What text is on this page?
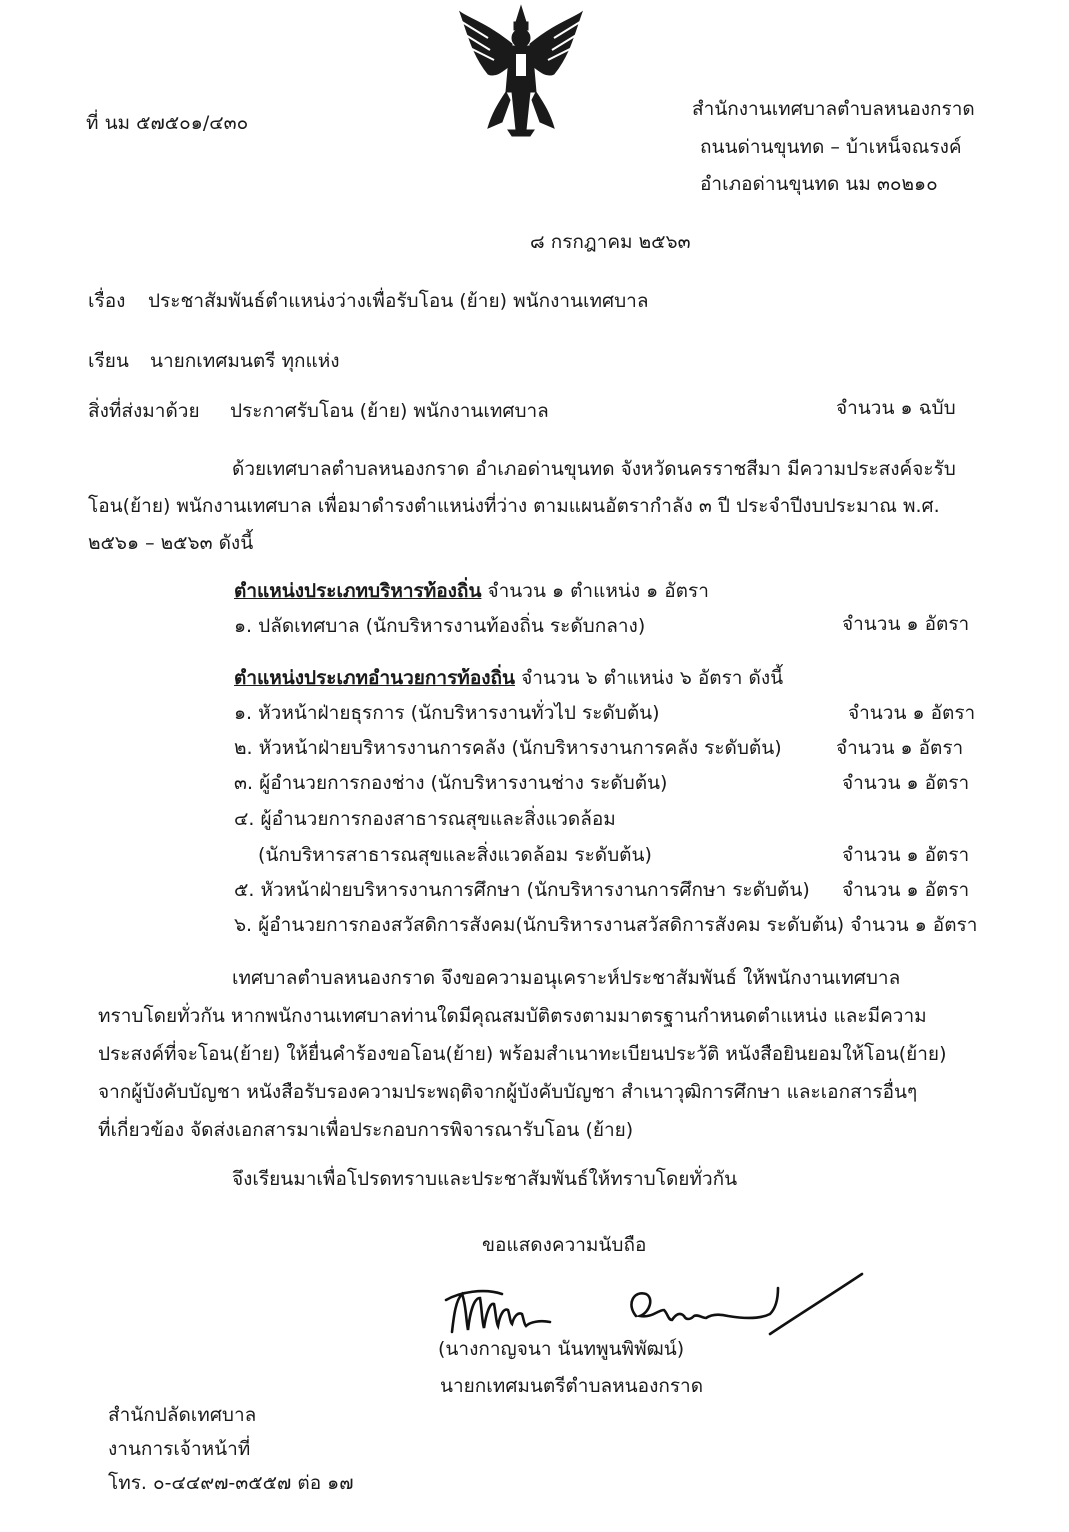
ที่ นม ๕๗๕๐๑/๔๓๐
สำนักงานเทศบาลตำบลหนองกราด
ถนนด่านขุนทด – บ้าเหน็จณรงค์
อำเภอด่านขุนทด นม ๓๐๒๑๐
๘ กรกฎาคม ๒๕๖๓
เรื่อง ประชาสัมพันธ์ตำแหน่งว่างเพื่อรับโอน (ย้าย) พนักงานเทศบาล
เรียน นายกเทศมนตรี ทุกแห่ง
สิ่งที่ส่งมาด้วย ประกาศรับโอน (ย้าย) พนักงานเทศบาล	จำนวน ๑ ฉบับ
ด้วยเทศบาลตำบลหนองกราด อำเภอด่านขุนทด จังหวัดนครราชสีมา มีความประสงค์จะรับ
โอน(ย้าย) พนักงานเทศบาล เพื่อมาดำรงตำแหน่งที่ว่าง ตามแผนอัตรากำลัง ๓ ปี ประจำปีงบประมาณ พ.ศ.
๒๕๖๑ – ๒๕๖๓ ดังนี้
ตำแหน่งประเภทบริหารท้องถิ่น จำนวน ๑ ตำแหน่ง ๑ อัตรา
๑. ปลัดเทศบาล (นักบริหารงานท้องถิ่น ระดับกลาง)	จำนวน ๑ อัตรา
ตำแหน่งประเภทอำนวยการท้องถิ่น จำนวน ๖ ตำแหน่ง ๖ อัตรา ดังนี้
๑. หัวหน้าฝ่ายธุรการ (นักบริหารงานทั่วไป ระดับต้น)	จำนวน ๑ อัตรา
๒. หัวหน้าฝ่ายบริหารงานการคลัง (นักบริหารงานการคลัง ระดับต้น)	จำนวน ๑ อัตรา
๓. ผู้อำนวยการกองช่าง (นักบริหารงานช่าง ระดับต้น)	จำนวน ๑ อัตรา
๔. ผู้อำนวยการกองสาธารณสุขและสิ่งแวดล้อม
(นักบริหารสาธารณสุขและสิ่งแวดล้อม ระดับต้น)	จำนวน ๑ อัตรา
๕. หัวหน้าฝ่ายบริหารงานการศึกษา (นักบริหารงานการศึกษา ระดับต้น) จำนวน ๑ อัตรา
๖. ผู้อำนวยการกองสวัสดิการสังคม(นักบริหารงานสวัสดิการสังคม ระดับต้น) จำนวน ๑ อัตรา
เทศบาลตำบลหนองกราด จึงขอความอนุเคราะห์ประชาสัมพันธ์ ให้พนักงานเทศบาล
ทราบโดยทั่วกัน หากพนักงานเทศบาลท่านใดมีคุณสมบัติตรงตามมาตรฐานกำหนดตำแหน่ง และมีความ
ประสงค์ที่จะโอน(ย้าย) ให้ยื่นคำร้องขอโอน(ย้าย) พร้อมสำเนาทะเบียนประวัติ หนังสือยินยอมให้โอน(ย้าย)
จากผู้บังคับบัญชา หนังสือรับรองความประพฤติจากผู้บังคับบัญชา สำเนาวุฒิการศึกษา และเอกสารอื่นๆ
ที่เกี่ยวข้อง จัดส่งเอกสารมาเพื่อประกอบการพิจารณารับโอน (ย้าย)
จึงเรียนมาเพื่อโปรดทราบและประชาสัมพันธ์ให้ทราบโดยทั่วกัน
ขอแสดงความนับถือ
(นางกาญจนา นันทพูนพิพัฒน์)
นายกเทศมนตรีตำบลหนองกราด
สำนักปลัดเทศบาล
งานการเจ้าหน้าที่
โทร. ๐-๔๔๙๗-๓๕๕๗ ต่อ ๑๗
